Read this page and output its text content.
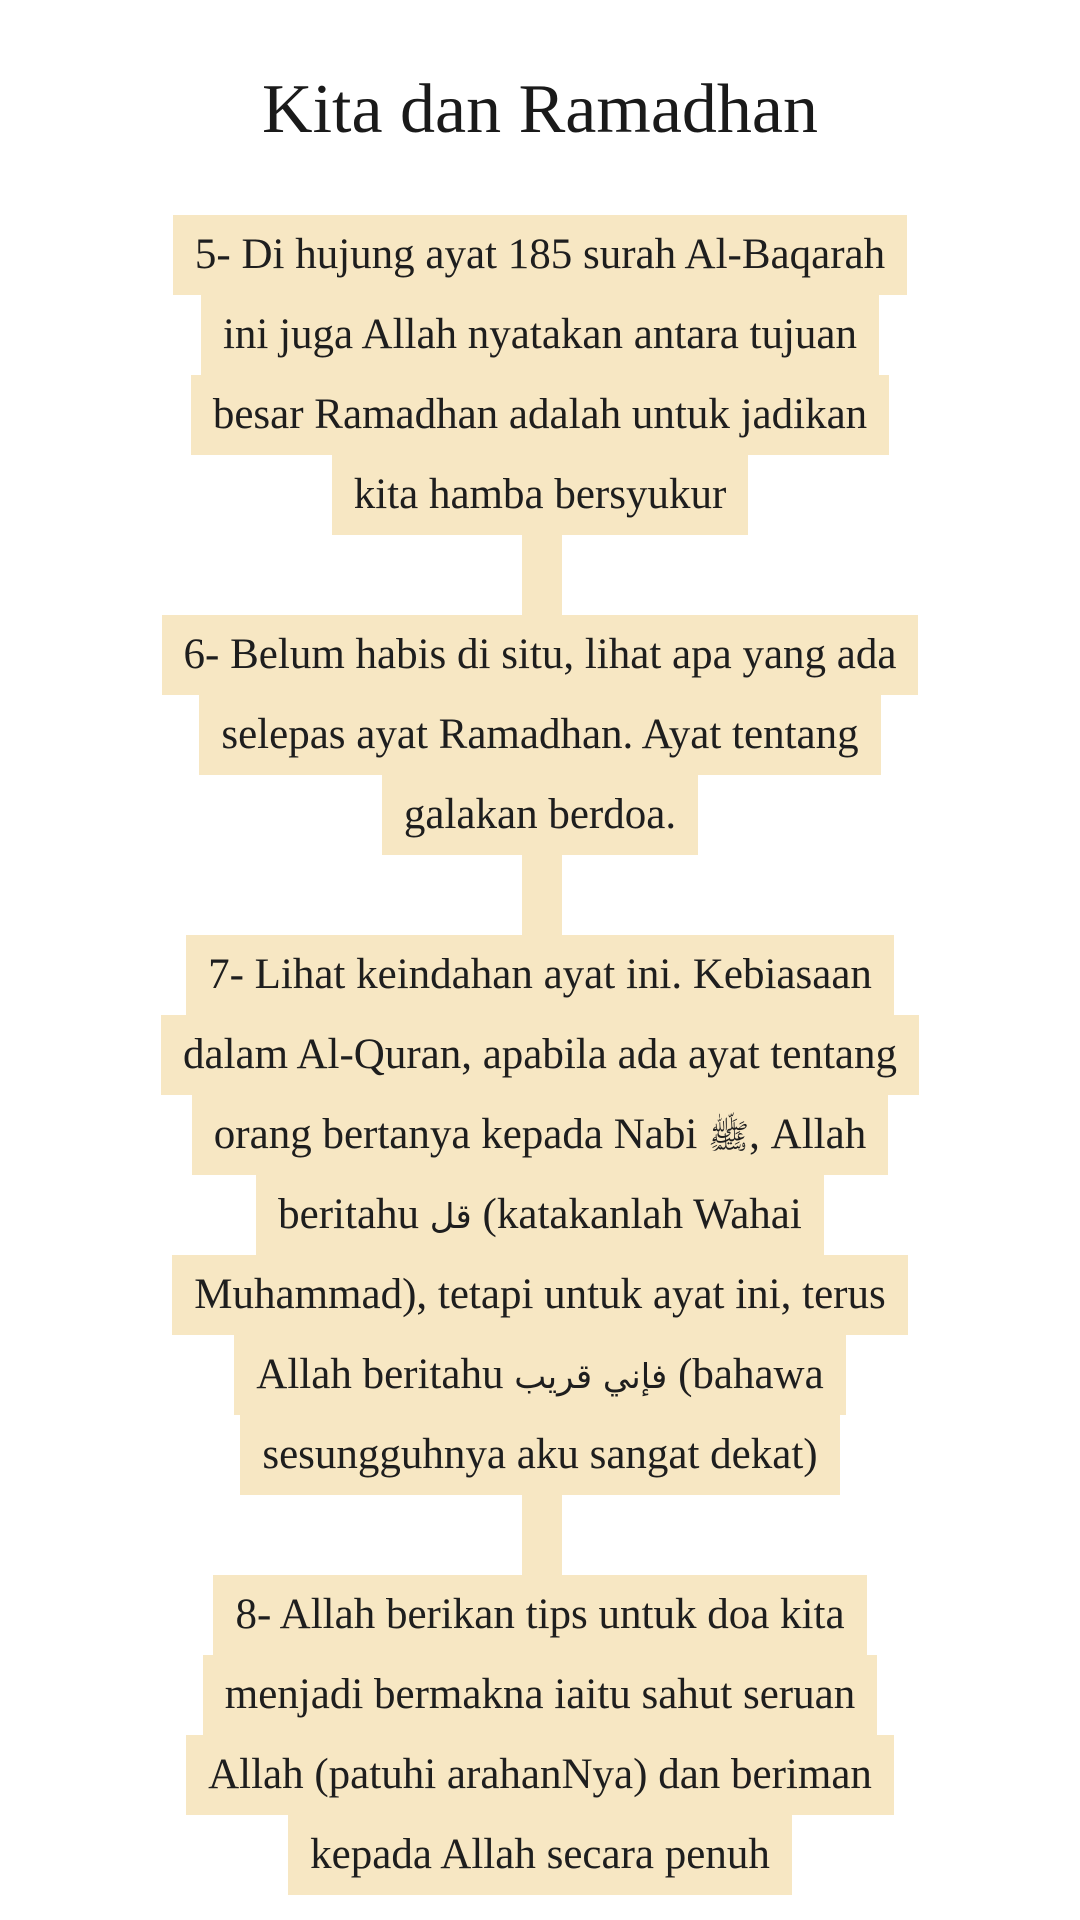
Kita dan Ramadhan
5- Di hujung ayat 185 surah Al-Baqarah
ini juga Allah nyatakan antara tujuan
besar Ramadhan adalah untuk jadikan
kita hamba bersyukur
6- Belum habis di situ, lihat apa yang ada
selepas ayat Ramadhan. Ayat tentang
galakan berdoa.
7- Lihat keindahan ayat ini. Kebiasaan
dalam Al-Quran, apabila ada ayat tentang
orang bertanya kepada Nabi ﷺ, Allah
beritahu قل (katakanlah Wahai
Muhammad), tetapi untuk ayat ini, terus
Allah beritahu فإني قريب (bahawa
sesungguhnya aku sangat dekat)
8- Allah berikan tips untuk doa kita
menjadi bermakna iaitu sahut seruan
Allah (patuhi arahanNya) dan beriman
kepada Allah secara penuh
